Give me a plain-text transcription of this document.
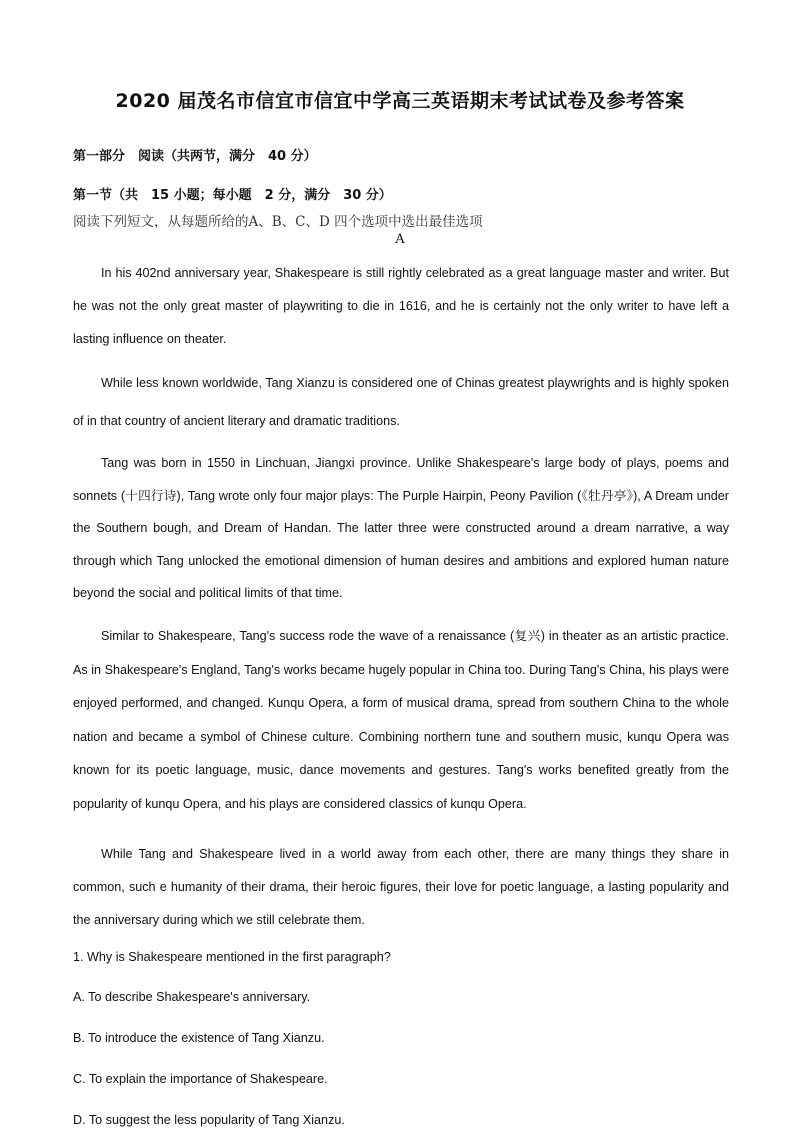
2020 届茂名市信宜市信宜中学高三英语期末考试试卷及参考答案
第一部分　阅读（共两节，满分　40 分）
第一节（共　15 小题；每小题　2 分，满分　30 分）
阅读下列短文，从每题所给的A、B、C、D 四个选项中选出最佳选项
A

In his 402nd anniversary year, Shakespeare is still rightly celebrated as a great language master and writer. But he was not the only great master of playwriting to die in 1616, and he is certainly not the only writer to have left a lasting influence on theater.

While less known worldwide, Tang Xianzu is considered one of Chinas greatest playwrights and is highly spoken of in that country of ancient literary and dramatic traditions.

Tang was born in 1550 in Linchuan, Jiangxi province. Unlike Shakespeare's large body of plays, poems and sonnets (十四行诗), Tang wrote only four major plays: The Purple Hairpin, Peony Pavilion (《牡丹亭》), A Dream under the Southern bough, and Dream of Handan. The latter three were constructed around a dream narrative, a way through which Tang unlocked the emotional dimension of human desires and ambitions and explored human nature beyond the social and political limits of that time.

Similar to Shakespeare, Tang's success rode the wave of a renaissance (复兴) in theater as an artistic practice. As in Shakespeare's England, Tang's works became hugely popular in China too. During Tang's China, his plays were enjoyed performed, and changed. Kunqu Opera, a form of musical drama, spread from southern China to the whole nation and became a symbol of Chinese culture. Combining northern tune and southern music, kunqu Opera was known for its poetic language, music, dance movements and gestures. Tang's works benefited greatly from the popularity of kunqu Opera, and his plays are considered classics of kunqu Opera.

While Tang and Shakespeare lived in a world away from each other, there are many things they share in common, such e humanity of their drama, their heroic figures, their love for poetic language, a lasting popularity and the anniversary during which we still celebrate them.

1. Why is Shakespeare mentioned in the first paragraph?

A. To describe Shakespeare's anniversary.

B. To introduce the existence of Tang Xianzu.

C. To explain the importance of Shakespeare.

D. To suggest the less popularity of Tang Xianzu.
